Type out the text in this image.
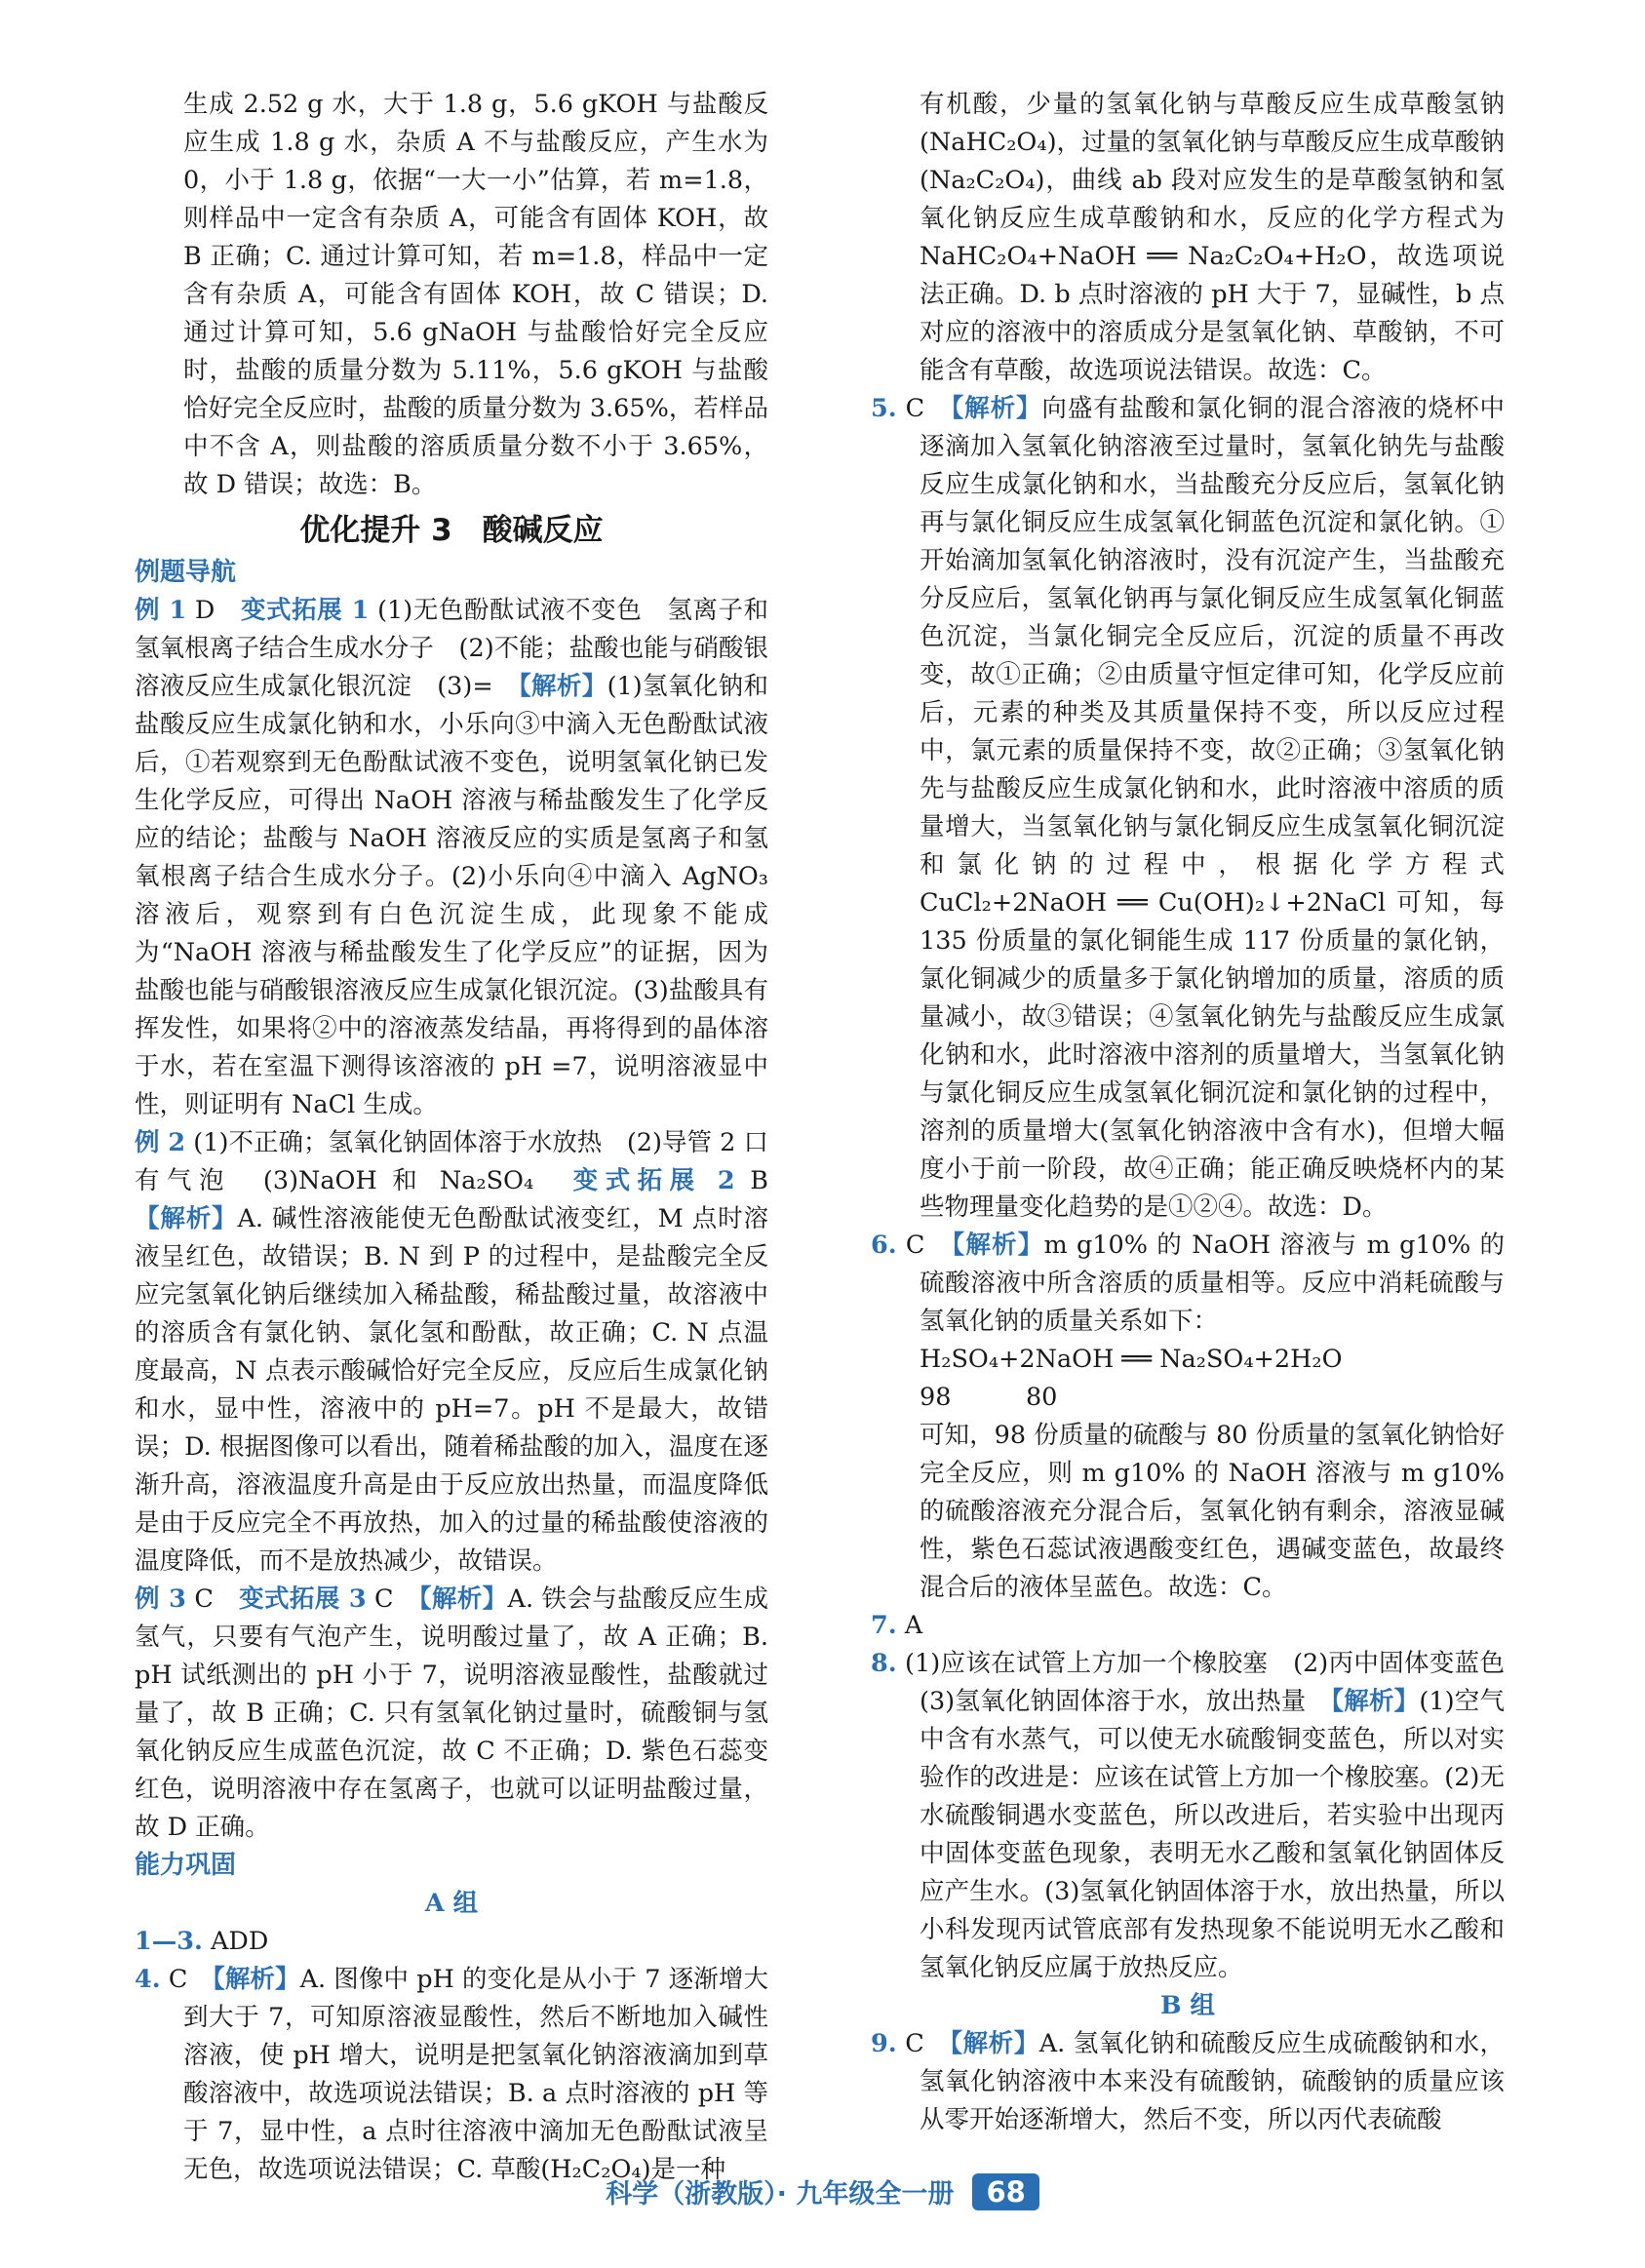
生成 2.52 g 水，大于 1.8 g，5.6 gKOH 与盐酸反应生成 1.8 g 水，杂质 A 不与盐酸反应，产生水为 0，小于 1.8 g，依据“一大一小”估算，若 m=1.8，则样品中一定含有杂质 A，可能含有固体 KOH，故 B 正确；C. 通过计算可知，若 m=1.8，样品中一定含有杂质 A，可能含有固体 KOH，故 C 错误；D. 通过计算可知，5.6 gNaOH 与盐酸恰好完全反应时，盐酸的质量分数为 5.11%，5.6 gKOH 与盐酸恰好完全反应时，盐酸的质量分数为 3.65%，若样品中不含 A，则盐酸的溶质质量分数不小于 3.65%，故 D 错误；故选：B。

优化提升 3　酸碱反应

例题导航

例 1 D　变式拓展 1 (1)无色酚酞试液不变色　氢离子和氢氧根离子结合生成水分子　(2)不能；盐酸也能与硝酸银溶液反应生成氯化银沉淀　(3)=　【解析】(1)氢氧化钠和盐酸反应生成氯化钠和水，小乐向③中滴入无色酚酞试液后，①若观察到无色酚酞试液不变色，说明氢氧化钠已发生化学反应，可得出 NaOH 溶液与稀盐酸发生了化学反应的结论；盐酸与 NaOH 溶液反应的实质是氢离子和氢氧根离子结合生成水分子。(2)小乐向④中滴入 AgNO₃ 溶液后，观察到有白色沉淀生成，此现象不能成为“NaOH 溶液与稀盐酸发生了化学反应”的证据，因为盐酸也能与硝酸银溶液反应生成氯化银沉淀。(3)盐酸具有挥发性，如果将②中的溶液蒸发结晶，再将得到的晶体溶于水，若在室温下测得该溶液的 pH =7，说明溶液显中性，则证明有 NaCl 生成。

例 2 (1)不正确；氢氧化钠固体溶于水放热　(2)导管 2 口有气泡　(3)NaOH 和 Na₂SO₄　变式拓展 2 B　【解析】A. 碱性溶液能使无色酚酞试液变红，M 点时溶液呈红色，故错误；B. N 到 P 的过程中，是盐酸完全反应完氢氧化钠后继续加入稀盐酸，稀盐酸过量，故溶液中的溶质含有氯化钠、氯化氢和酚酞，故正确；C. N 点温度最高，N 点表示酸碱恰好完全反应，反应后生成氯化钠和水，显中性，溶液中的 pH=7。pH 不是最大，故错误；D. 根据图像可以看出，随着稀盐酸的加入，温度在逐渐升高，溶液温度升高是由于反应放出热量，而温度降低是由于反应完全不再放热，加入的过量的稀盐酸使溶液的温度降低，而不是放热减少，故错误。

例 3 C　变式拓展 3 C　【解析】A. 铁会与盐酸反应生成氢气，只要有气泡产生，说明酸过量了，故 A 正确；B. pH 试纸测出的 pH 小于 7，说明溶液显酸性，盐酸就过量了，故 B 正确；C. 只有氢氧化钠过量时，硫酸铜与氢氧化钠反应生成蓝色沉淀，故 C 不正确；D. 紫色石蕊变红色，说明溶液中存在氢离子，也就可以证明盐酸过量，故 D 正确。

能力巩固

A 组

1—3. ADD

4. C　【解析】A. 图像中 pH 的变化是从小于 7 逐渐增大到大于 7，可知原溶液显酸性，然后不断地加入碱性溶液，使 pH 增大，说明是把氢氧化钠溶液滴加到草酸溶液中，故选项说法错误；B. a 点时溶液的 pH 等于 7，显中性，a 点时往溶液中滴加无色酚酞试液呈无色，故选项说法错误；C. 草酸(H₂C₂O₄)是一种

有机酸，少量的氢氧化钠与草酸反应生成草酸氢钠(NaHC₂O₄)，过量的氢氧化钠与草酸反应生成草酸钠(Na₂C₂O₄)，曲线 ab 段对应发生的是草酸氢钠和氢氧化钠反应生成草酸钠和水，反应的化学方程式为 NaHC₂O₄+NaOH ══ Na₂C₂O₄+H₂O，故选项说法正确。D. b 点时溶液的 pH 大于 7，显碱性，b 点对应的溶液中的溶质成分是氢氧化钠、草酸钠，不可能含有草酸，故选项说法错误。故选：C。

5. C　【解析】向盛有盐酸和氯化铜的混合溶液的烧杯中逐滴加入氢氧化钠溶液至过量时，氢氧化钠先与盐酸反应生成氯化钠和水，当盐酸充分反应后，氢氧化钠再与氯化铜反应生成氢氧化铜蓝色沉淀和氯化钠。①开始滴加氢氧化钠溶液时，没有沉淀产生，当盐酸充分反应后，氢氧化钠再与氯化铜反应生成氢氧化铜蓝色沉淀，当氯化铜完全反应后，沉淀的质量不再改变，故①正确；②由质量守恒定律可知，化学反应前后，元素的种类及其质量保持不变，所以反应过程中，氯元素的质量保持不变，故②正确；③氢氧化钠先与盐酸反应生成氯化钠和水，此时溶液中溶质的质量增大，当氢氧化钠与氯化铜反应生成氢氧化铜沉淀和氯化钠的过程中，根据化学方程式 CuCl₂+2NaOH ══ Cu(OH)₂↓+2NaCl 可知，每 135 份质量的氯化铜能生成 117 份质量的氯化钠，氯化铜减少的质量多于氯化钠增加的质量，溶质的质量减小，故③错误；④氢氧化钠先与盐酸反应生成氯化钠和水，此时溶液中溶剂的质量增大，当氢氧化钠与氯化铜反应生成氢氧化铜沉淀和氯化钠的过程中，溶剂的质量增大(氢氧化钠溶液中含有水)，但增大幅度小于前一阶段，故④正确；能正确反映烧杯内的某些物理量变化趋势的是①②④。故选：D。

6. C　【解析】m g10% 的 NaOH 溶液与 m g10% 的硫酸溶液中所含溶质的质量相等。反应中消耗硫酸与氢氧化钠的质量关系如下：

H₂SO₄+2NaOH ══ Na₂SO₄+2H₂O

98　　　80

可知，98 份质量的硫酸与 80 份质量的氢氧化钠恰好完全反应，则 m g10% 的 NaOH 溶液与 m g10% 的硫酸溶液充分混合后，氢氧化钠有剩余，溶液显碱性，紫色石蕊试液遇酸变红色，遇碱变蓝色，故最终混合后的液体呈蓝色。故选：C。

7. A

8. (1)应该在试管上方加一个橡胶塞　(2)丙中固体变蓝色　(3)氢氧化钠固体溶于水，放出热量　【解析】(1)空气中含有水蒸气，可以使无水硫酸铜变蓝色，所以对实验作的改进是：应该在试管上方加一个橡胶塞。(2)无水硫酸铜遇水变蓝色，所以改进后，若实验中出现丙中固体变蓝色现象，表明无水乙酸和氢氧化钠固体反应产生水。(3)氢氧化钠固体溶于水，放出热量，所以小科发现丙试管底部有发热现象不能说明无水乙酸和氢氧化钠反应属于放热反应。

B 组

9. C　【解析】A. 氢氧化钠和硫酸反应生成硫酸钠和水，氢氧化钠溶液中本来没有硫酸钠，硫酸钠的质量应该从零开始逐渐增大，然后不变，所以丙代表硫酸

科学（浙教版）· 九年级全一册 68
